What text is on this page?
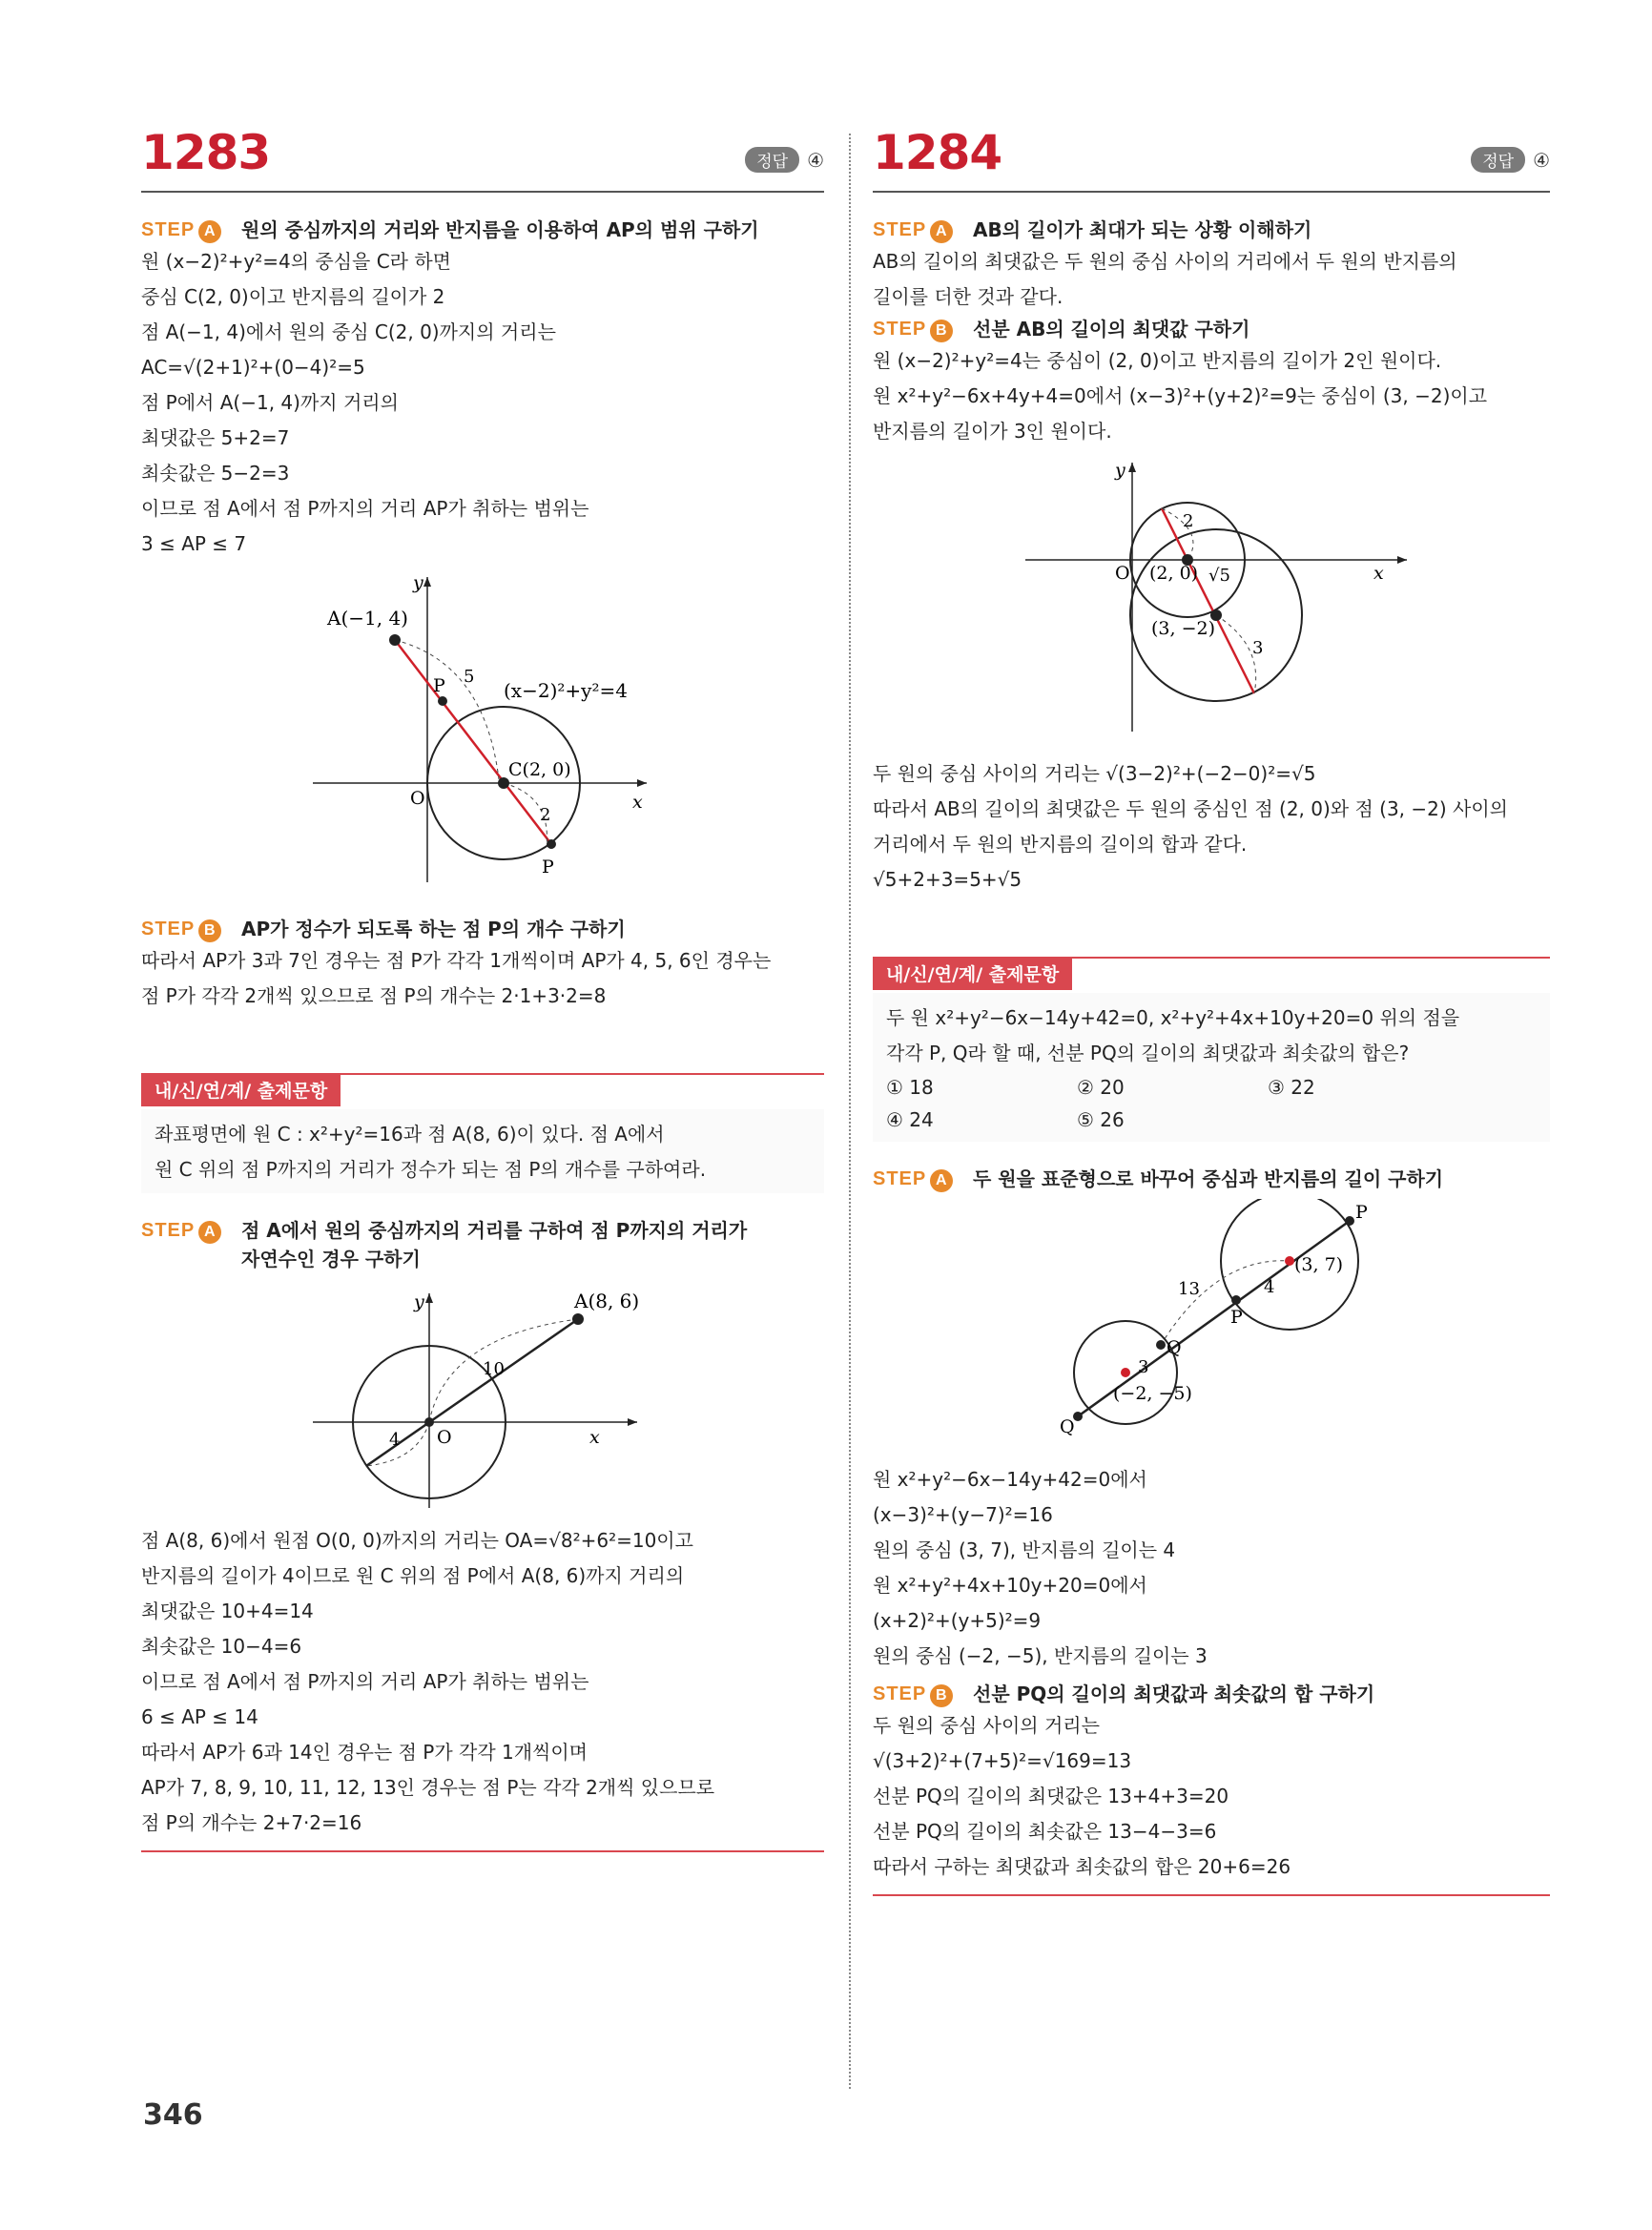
1283	정답 ④
STEP A 원의 중심까지의 거리와 반지름을 이용하여 AP의 범위 구하기
원 (x−2)²+y²=4의 중심을 C라 하면
중심 C(2, 0)이고 반지름의 길이가 2
점 A(−1, 4)에서 원의 중심 C(2, 0)까지의 거리는
AC=√(2+1)²+(0−4)²=5
점 P에서 A(−1, 4)까지 거리의
최댓값은 5+2=7
최솟값은 5−2=3
이므로 점 A에서 점 P까지의 거리 AP가 취하는 범위는
3 ≤ AP ≤ 7
A(−1, 4)
(x−2)²+y²=4
P
C(2, 0)
P
5
2
O	x
y
STEP B AP가 정수가 되도록 하는 점 P의 개수 구하기
따라서 AP가 3과 7인 경우는 점 P가 각각 1개씩이며 AP가 4, 5, 6인 경우는
점 P가 각각 2개씩 있으므로 점 P의 개수는 2·1+3·2=8
내/신/연/계/ 출제문항
좌표평면에 원 C : x²+y²=16과 점 A(8, 6)이 있다. 점 A에서
원 C 위의 점 P까지의 거리가 정수가 되는 점 P의 개수를 구하여라.
STEP A 점 A에서 원의 중심까지의 거리를 구하여 점 P까지의 거리가
자연수인 경우 구하기
A(8, 6)
10
4 O	x
y
점 A(8, 6)에서 원점 O(0, 0)까지의 거리는 OA=√8²+6²=10이고
반지름의 길이가 4이므로 원 C 위의 점 P에서 A(8, 6)까지 거리의
최댓값은 10+4=14
최솟값은 10−4=6
이므로 점 A에서 점 P까지의 거리 AP가 취하는 범위는
6 ≤ AP ≤ 14
따라서 AP가 6과 14인 경우는 점 P가 각각 1개씩이며
AP가 7, 8, 9, 10, 11, 12, 13인 경우는 점 P는 각각 2개씩 있으므로
점 P의 개수는 2+7·2=16
1284	정답 ④
STEP A AB의 길이가 최대가 되는 상황 이해하기
AB의 길이의 최댓값은 두 원의 중심 사이의 거리에서 두 원의 반지름의
길이를 더한 것과 같다.
STEP B 선분 AB의 길이의 최댓값 구하기
원 (x−2)²+y²=4는 중심이 (2, 0)이고 반지름의 길이가 2인 원이다.
원 x²+y²−6x+4y+4=0에서 (x−3)²+(y+2)²=9는 중심이 (3, −2)이고
반지름의 길이가 3인 원이다.
(2, 0)
(3, −2)
2
3
√5
O	x
y
두 원의 중심 사이의 거리는 √(3−2)²+(−2−0)²=√5
따라서 AB의 길이의 최댓값은 두 원의 중심인 점 (2, 0)와 점 (3, −2) 사이의
거리에서 두 원의 반지름의 길이의 합과 같다.
√5+2+3=5+√5
내/신/연/계/ 출제문항
두 원 x²+y²−6x−14y+42=0, x²+y²+4x+10y+20=0 위의 점을
각각 P, Q라 할 때, 선분 PQ의 길이의 최댓값과 최솟값의 합은?
① 18	② 20	③ 22
④ 24	⑤ 26
STEP A 두 원을 표준형으로 바꾸어 중심과 반지름의 길이 구하기
P
P
Q
Q
(3, 7)
(−2, −5)
13	4
3
원 x²+y²−6x−14y+42=0에서
(x−3)²+(y−7)²=16
원의 중심 (3, 7), 반지름의 길이는 4
원 x²+y²+4x+10y+20=0에서
(x+2)²+(y+5)²=9
원의 중심 (−2, −5), 반지름의 길이는 3
STEP B 선분 PQ의 길이의 최댓값과 최솟값의 합 구하기
두 원의 중심 사이의 거리는
√(3+2)²+(7+5)²=√169=13
선분 PQ의 길이의 최댓값은 13+4+3=20
선분 PQ의 길이의 최솟값은 13−4−3=6
따라서 구하는 최댓값과 최솟값의 합은 20+6=26
346
